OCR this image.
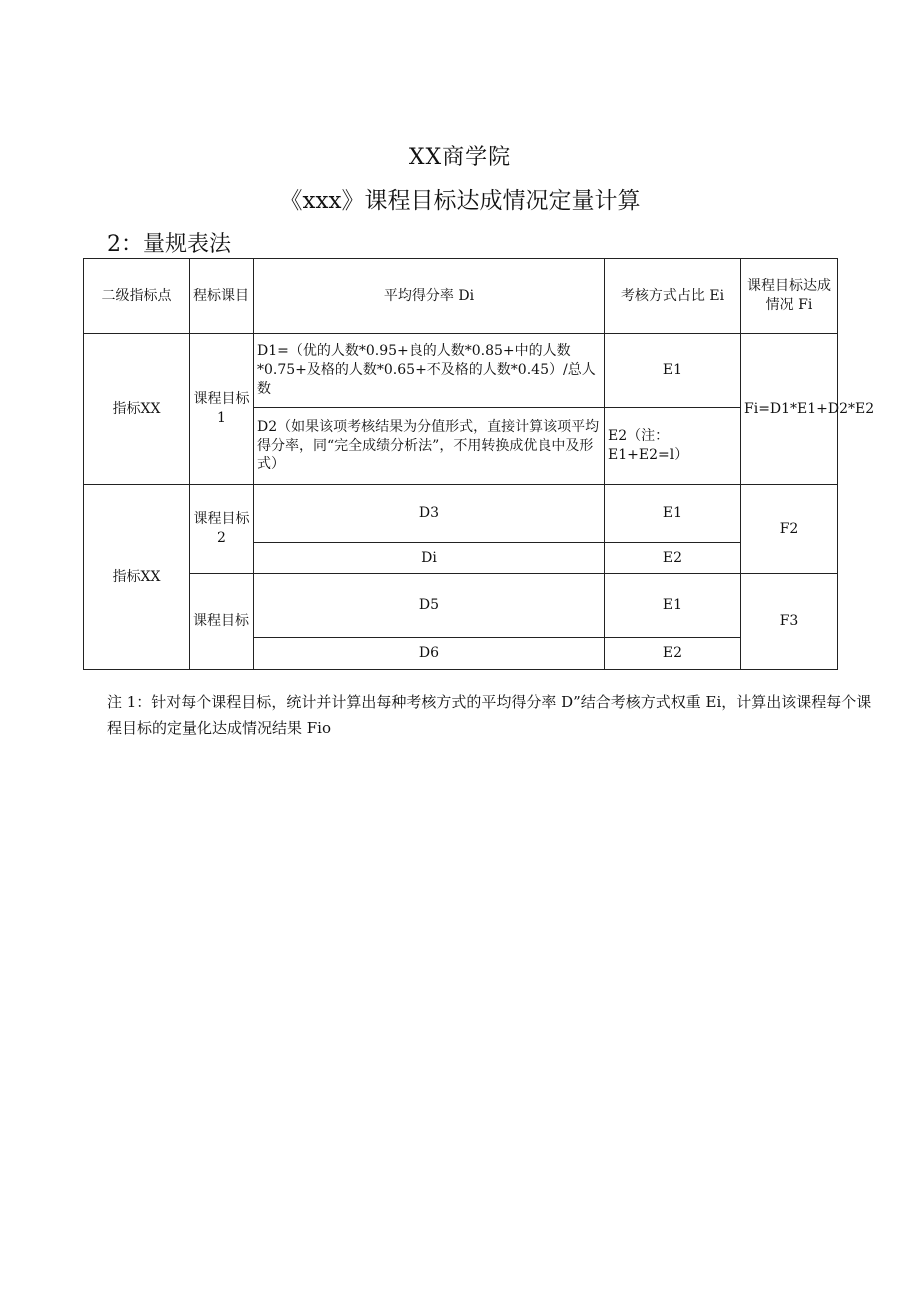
XX商学院
《xxx》课程目标达成情况定量计算
2：量规表法
二级指标点	程标课目	平均得分率 Di	考核方式占比 Ei	课程目标达成情况 Fi
指标XX	课程目标 1	D1=（优的人数*0.95+良的人数*0.85+中的人数*0.75+及格的人数*0.65+不及格的人数*0.45）/总人数	E1	Fi=D1*E1+D2*E2
		D2（如果该项考核结果为分值形式，直接计算该项平均得分率，同“完全成绩分析法”，不用转换成优良中及形式）	E2（注：E1+E2=l）	
指标XX	课程目标 2	D3	E1	F2
		Di	E2	
	课程目标	D5	E1	F3
		D6	E2	
注 1：针对每个课程目标，统计并计算出每种考核方式的平均得分率 D”结合考核方式权重 Ei，计算出该课程每个课程目标的定量化达成情况结果 Fio
